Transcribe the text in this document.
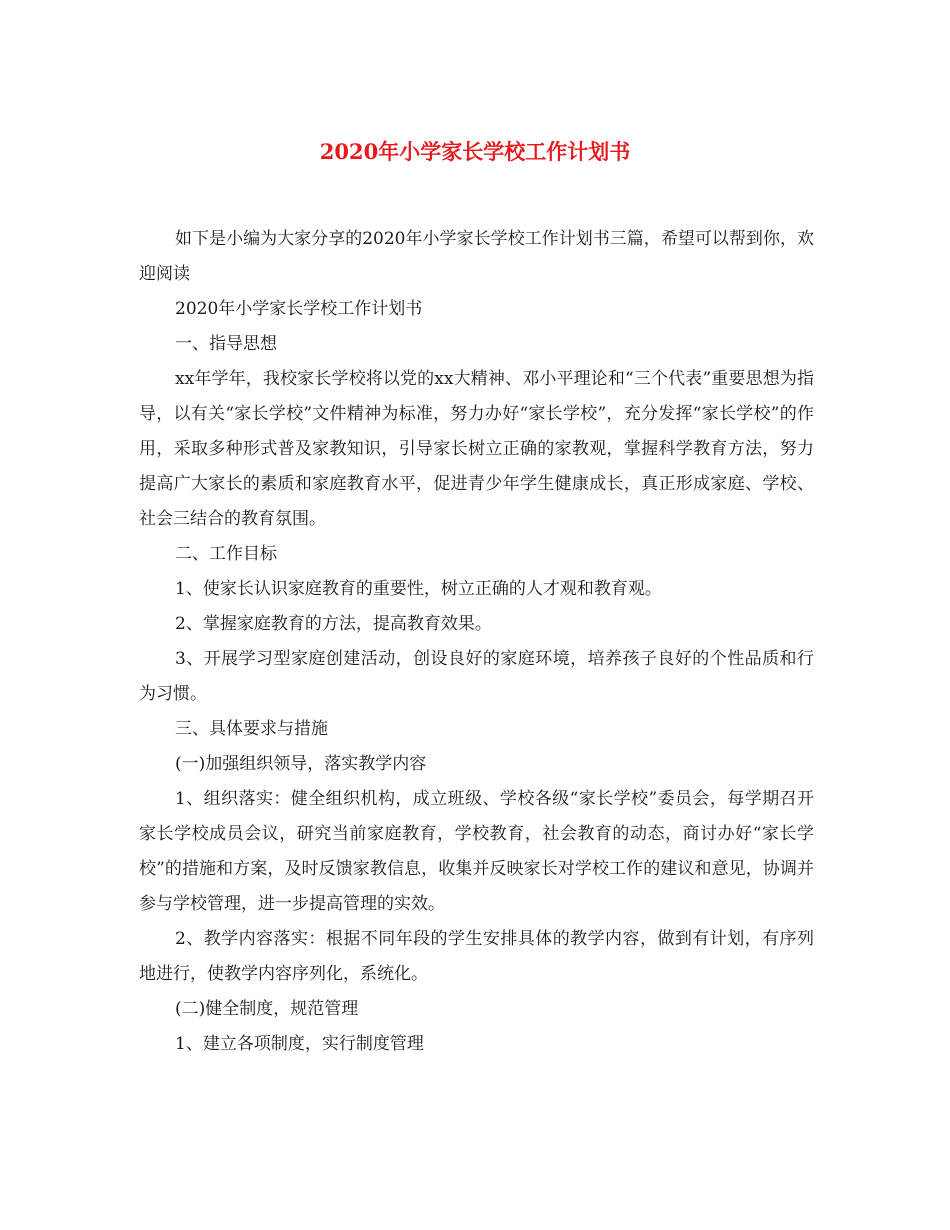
2020年小学家长学校工作计划书

如下是小编为大家分享的2020年小学家长学校工作计划书三篇，希望可以帮到你，欢迎阅读

2020年小学家长学校工作计划书

一、指导思想

xx年学年，我校家长学校将以党的xx大精神、邓小平理论和“三个代表”重要思想为指导，以有关“家长学校”文件精神为标准，努力办好“家长学校”，充分发挥“家长学校”的作用，采取多种形式普及家教知识，引导家长树立正确的家教观，掌握科学教育方法，努力提高广大家长的素质和家庭教育水平，促进青少年学生健康成长，真正形成家庭、学校、社会三结合的教育氛围。

二、工作目标

1、使家长认识家庭教育的重要性，树立正确的人才观和教育观。

2、掌握家庭教育的方法，提高教育效果。

3、开展学习型家庭创建活动，创设良好的家庭环境，培养孩子良好的个性品质和行为习惯。

三、具体要求与措施

(一)加强组织领导，落实教学内容

1、组织落实：健全组织机构，成立班级、学校各级“家长学校”委员会，每学期召开家长学校成员会议，研究当前家庭教育，学校教育，社会教育的动态，商讨办好“家长学校”的措施和方案，及时反馈家教信息，收集并反映家长对学校工作的建议和意见，协调并参与学校管理，进一步提高管理的实效。

2、教学内容落实：根据不同年段的学生安排具体的教学内容，做到有计划，有序列地进行，使教学内容序列化，系统化。

(二)健全制度，规范管理

1、建立各项制度，实行制度管理
